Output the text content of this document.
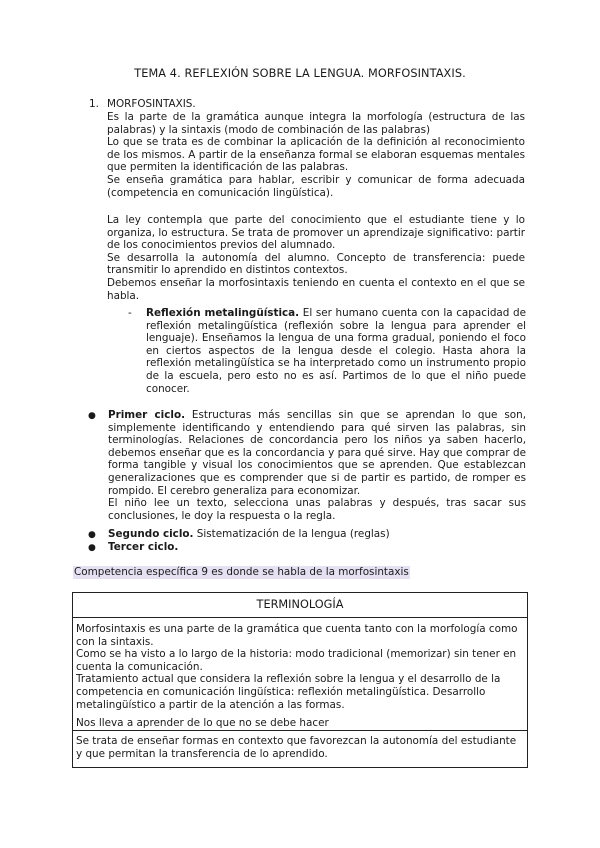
TEMA 4. REFLEXIÓN SOBRE LA LENGUA. MORFOSINTAXIS.
1. MORFOSINTAXIS.

Es la parte de la gramática aunque integra la morfología (estructura de las palabras) y la sintaxis (modo de combinación de las palabras)

Lo que se trata es de combinar la aplicación de la definición al reconocimiento de los mismos. A partir de la enseñanza formal se elaboran esquemas mentales que permiten la identificación de las palabras.

Se enseña gramática para hablar, escribir y comunicar de forma adecuada (competencia en comunicación lingüística).

La ley contempla que parte del conocimiento que el estudiante tiene y lo organiza, lo estructura. Se trata de promover un aprendizaje significativo: partir de los conocimientos previos del alumnado.

Se desarrolla la autonomía del alumno. Concepto de transferencia: puede transmitir lo aprendido en distintos contextos.

Debemos enseñar la morfosintaxis teniendo en cuenta el contexto en el que se habla.

- Reflexión metalingüística. El ser humano cuenta con la capacidad de reflexión metalingüística (reflexión sobre la lengua para aprender el lenguaje). Enseñamos la lengua de una forma gradual, poniendo el foco en ciertos aspectos de la lengua desde el colegio. Hasta ahora la reflexión metalingüística se ha interpretado como un instrumento propio de la escuela, pero esto no es así. Partimos de lo que el niño puede conocer.
● Primer ciclo. Estructuras más sencillas sin que se aprendan lo que son, simplemente identificando y entendiendo para qué sirven las palabras, sin terminologías. Relaciones de concordancia pero los niños ya saben hacerlo, debemos enseñar que es la concordancia y para qué sirve. Hay que comprar de forma tangible y visual los conocimientos que se aprenden. Que establezcan generalizaciones que es comprender que si de partir es partido, de romper es rompido. El cerebro generaliza para economizar.

El niño lee un texto, selecciona unas palabras y después, tras sacar sus conclusiones, le doy la respuesta o la regla.

● Segundo ciclo. Sistematización de la lengua (reglas)
● Tercer ciclo.
Competencia específica 9 es donde se habla de la morfosintaxis
TERMINOLOGÍA

Morfosintaxis es una parte de la gramática que cuenta tanto con la morfología como con la sintaxis.

Como se ha visto a lo largo de la historia: modo tradicional (memorizar) sin tener en cuenta la comunicación.

Tratamiento actual que considera la reflexión sobre la lengua y el desarrollo de la competencia en comunicación lingüística: reflexión metalingüística. Desarrollo metalingüístico a partir de la atención a las formas.

Nos lleva a aprender de lo que no se debe hacer

Se trata de enseñar formas en contexto que favorezcan la autonomía del estudiante y que permitan la transferencia de lo aprendido.
